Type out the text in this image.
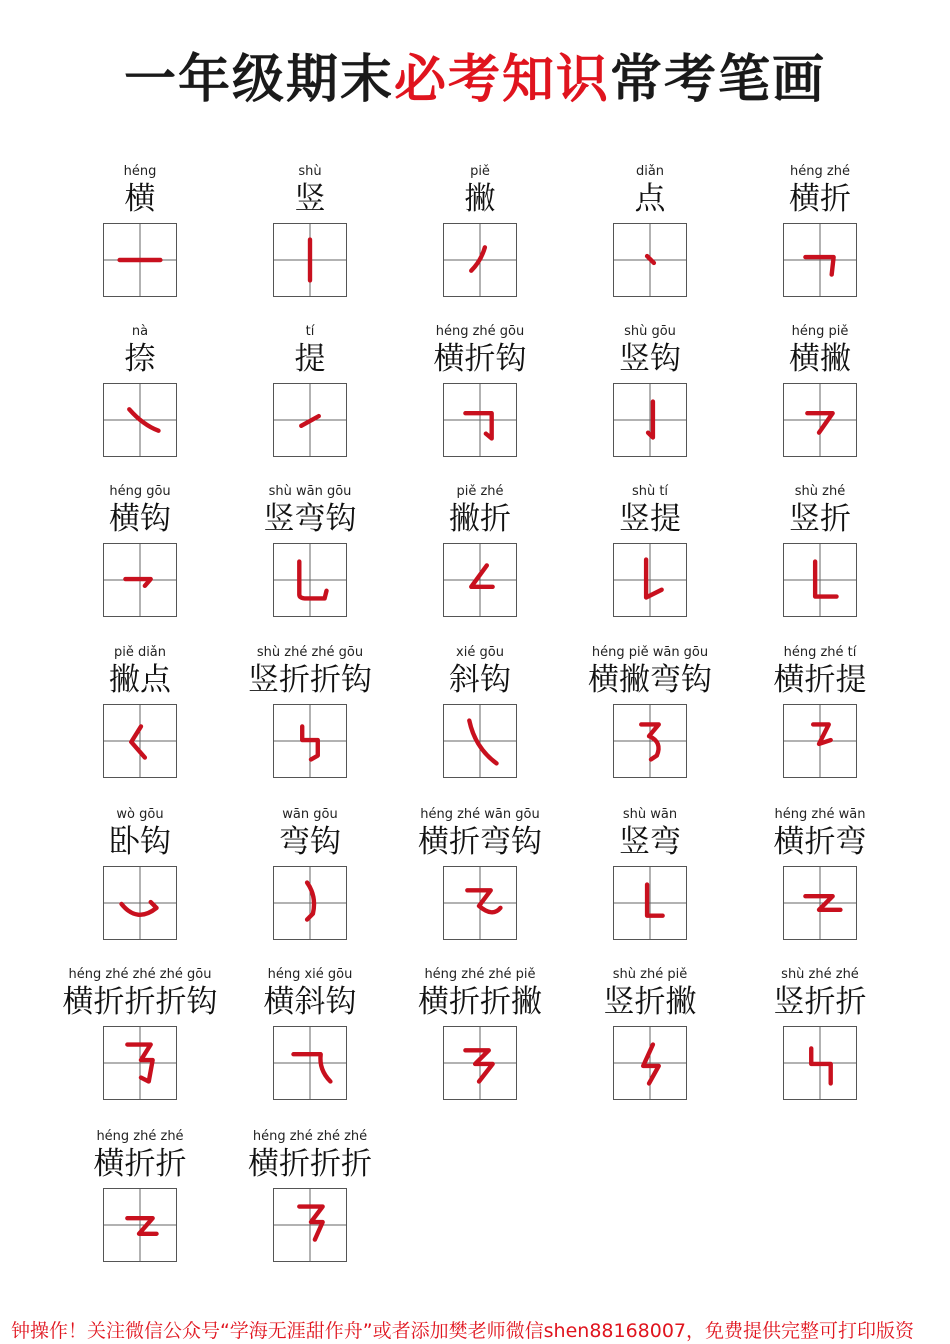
一年级期末必考知识常考笔画
héng
横
shù
竖
piě
撇
diǎn
点
héng zhé
横折
nà
捺
tí
提
héng zhé gōu
横折钩
shù gōu
竖钩
héng piě
横撇
héng gōu
横钩
shù wān gōu
竖弯钩
piě zhé
撇折
shù tí
竖提
shù zhé
竖折
piě diǎn
撇点
shù zhé zhé gōu
竖折折钩
xié gōu
斜钩
héng piě wān gōu
横撇弯钩
héng zhé tí
横折提
wò gōu
卧钩
wān gōu
弯钩
héng zhé wān gōu
横折弯钩
shù wān
竖弯
héng zhé wān
横折弯
héng zhé zhé zhé gōu
横折折折钩
héng xié gōu
横斜钩
héng zhé zhé piě
横折折撇
shù zhé piě
竖折撇
shù zhé zhé
竖折折
héng zhé zhé
横折折
héng zhé zhé zhé
横折折折
钟操作！关注微信公众号“学海无涯甜作舟”或者添加樊老师微信shen88168007，免费提供完整可打印版资
